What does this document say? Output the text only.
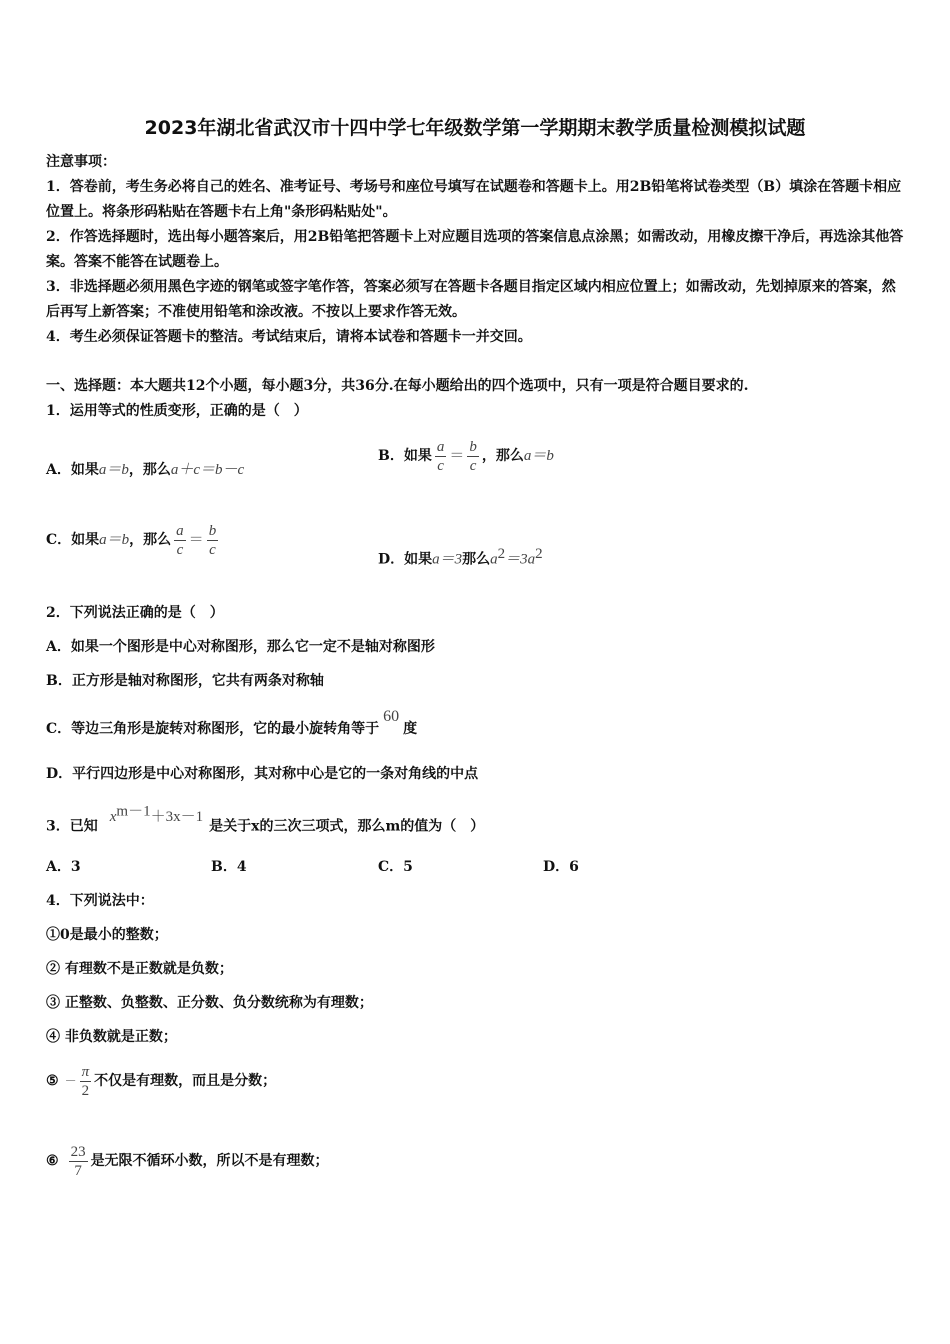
2023年湖北省武汉市十四中学七年级数学第一学期期末教学质量检测模拟试题
注意事项：
1．答卷前，考生务必将自己的姓名、准考证号、考场号和座位号填写在试题卷和答题卡上。用2B铅笔将试卷类型（B）填涂在答题卡相应位置上。将条形码粘贴在答题卡右上角"条形码粘贴处"。
2．作答选择题时，选出每小题答案后，用2B铅笔把答题卡上对应题目选项的答案信息点涂黑；如需改动，用橡皮擦干净后，再选涂其他答案。答案不能答在试题卷上。
3．非选择题必须用黑色字迹的钢笔或签字笔作答，答案必须写在答题卡各题目指定区域内相应位置上；如需改动，先划掉原来的答案，然后再写上新答案；不准使用铅笔和涂改液。不按以上要求作答无效。
4．考生必须保证答题卡的整洁。考试结束后，请将本试卷和答题卡一并交回。
一、选择题：本大题共12个小题，每小题3分，共36分.在每小题给出的四个选项中，只有一项是符合题目要求的.
1．运用等式的性质变形，正确的是（　）
A．如果a＝b，那么a＋c＝b－c
B．如果 $\frac{a}{c} = \frac{b}{c}$ ，那么a＝b
C．如果a＝b，那么 $\frac{a}{c} = \frac{b}{c}$
D．如果a＝3那么$a^2=3a^2$
2．下列说法正确的是（　）
A．如果一个图形是中心对称图形，那么它一定不是轴对称图形
B．正方形是轴对称图形，它共有两条对称轴
C．等边三角形是旋转对称图形，它的最小旋转角等于60度
D．平行四边形是中心对称图形，其对称中心是它的一条对角线的中点
3．已知$x^{m-1}+3x-1$是关于x的三次三项式，那么m的值为（　）
A．3	B．4	C．5	D．6
4．下列说法中：
①0是最小的整数；
② 有理数不是正数就是负数；
③ 正整数、负整数、正分数、负分数统称为有理数；
④ 非负数就是正数；
⑤ － $\frac{\pi}{2}$ 不仅是有理数，而且是分数；
⑥ $\frac{23}{7}$ 是无限不循环小数，所以不是有理数；
